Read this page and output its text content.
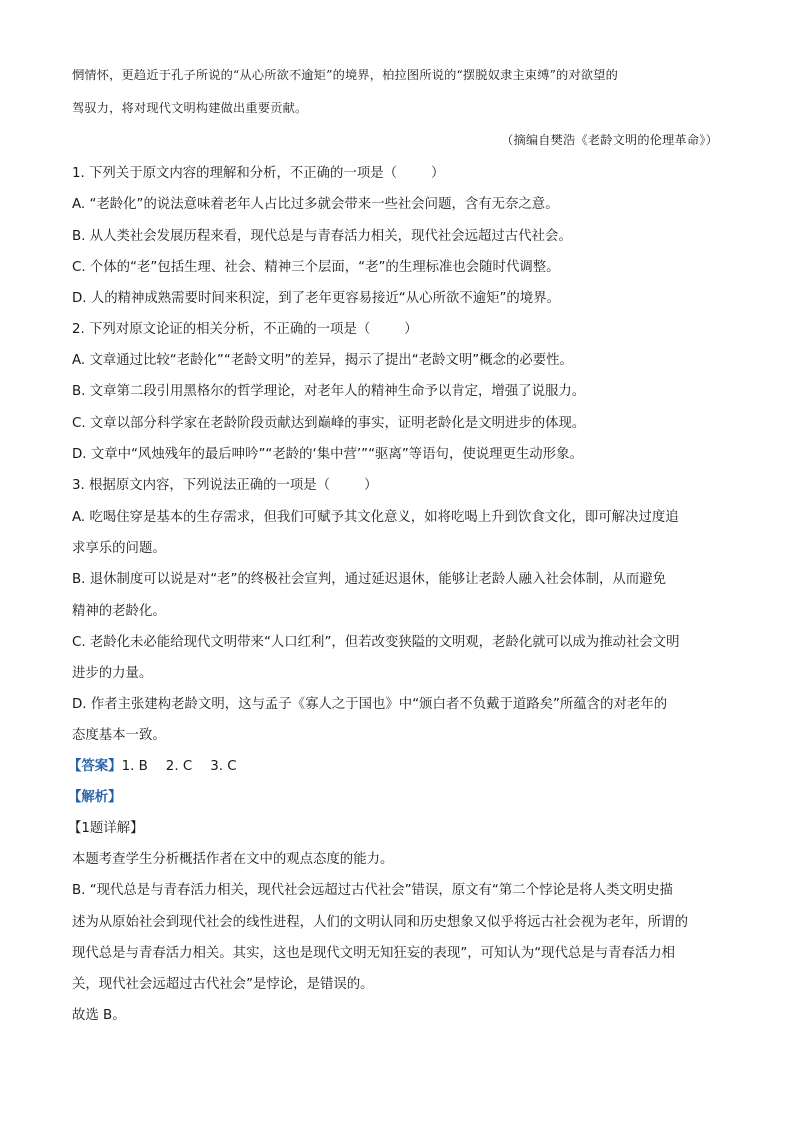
惘情怀，更趋近于孔子所说的“从心所欲不逾矩”的境界，柏拉图所说的“摆脱奴隶主束缚”的对欲望的
驾驭力，将对现代文明构建做出重要贡献。
（摘编自樊浩《老龄文明的伦理革命》）
1. 下列关于原文内容的理解和分析，不正确的一项是（	）
A. “老龄化”的说法意味着老年人占比过多就会带来一些社会问题，含有无奈之意。
B. 从人类社会发展历程来看，现代总是与青春活力相关，现代社会远超过古代社会。
C. 个体的“老”包括生理、社会、精神三个层面，“老”的生理标准也会随时代调整。
D. 人的精神成熟需要时间来积淀，到了老年更容易接近“从心所欲不逾矩”的境界。
2. 下列对原文论证的相关分析，不正确的一项是（	）
A. 文章通过比较“老龄化”“老龄文明”的差异，揭示了提出“老龄文明”概念的必要性。
B. 文章第二段引用黑格尔的哲学理论，对老年人的精神生命予以肯定，增强了说服力。
C. 文章以部分科学家在老龄阶段贡献达到巅峰的事实，证明老龄化是文明进步的体现。
D. 文章中“风烛残年的最后呻吟”“老龄的‘集中营’”“驱离”等语句，使说理更生动形象。
3. 根据原文内容，下列说法正确的一项是（	）
A. 吃喝住穿是基本的生存需求，但我们可赋予其文化意义，如将吃喝上升到饮食文化，即可解决过度追
求享乐的问题。
B. 退休制度可以说是对“老”的终极社会宣判，通过延迟退休，能够让老龄人融入社会体制，从而避免
精神的老龄化。
C. 老龄化未必能给现代文明带来“人口红利”，但若改变狭隘的文明观，老龄化就可以成为推动社会文明
进步的力量。
D. 作者主张建构老龄文明，这与孟子《寡人之于国也》中“颁白者不负戴于道路矣”所蕴含的对老年的
态度基本一致。
【答案】1. B 2. C 3. C
【解析】
【1题详解】
本题考查学生分析概括作者在文中的观点态度的能力。
B. “现代总是与青春活力相关，现代社会远超过古代社会”错误，原文有“第二个悖论是将人类文明史描
述为从原始社会到现代社会的线性进程，人们的文明认同和历史想象又似乎将远古社会视为老年，所谓的
现代总是与青春活力相关。其实，这也是现代文明无知狂妄的表现”，可知认为“现代总是与青春活力相
关，现代社会远超过古代社会”是悖论，是错误的。
故选 B。
